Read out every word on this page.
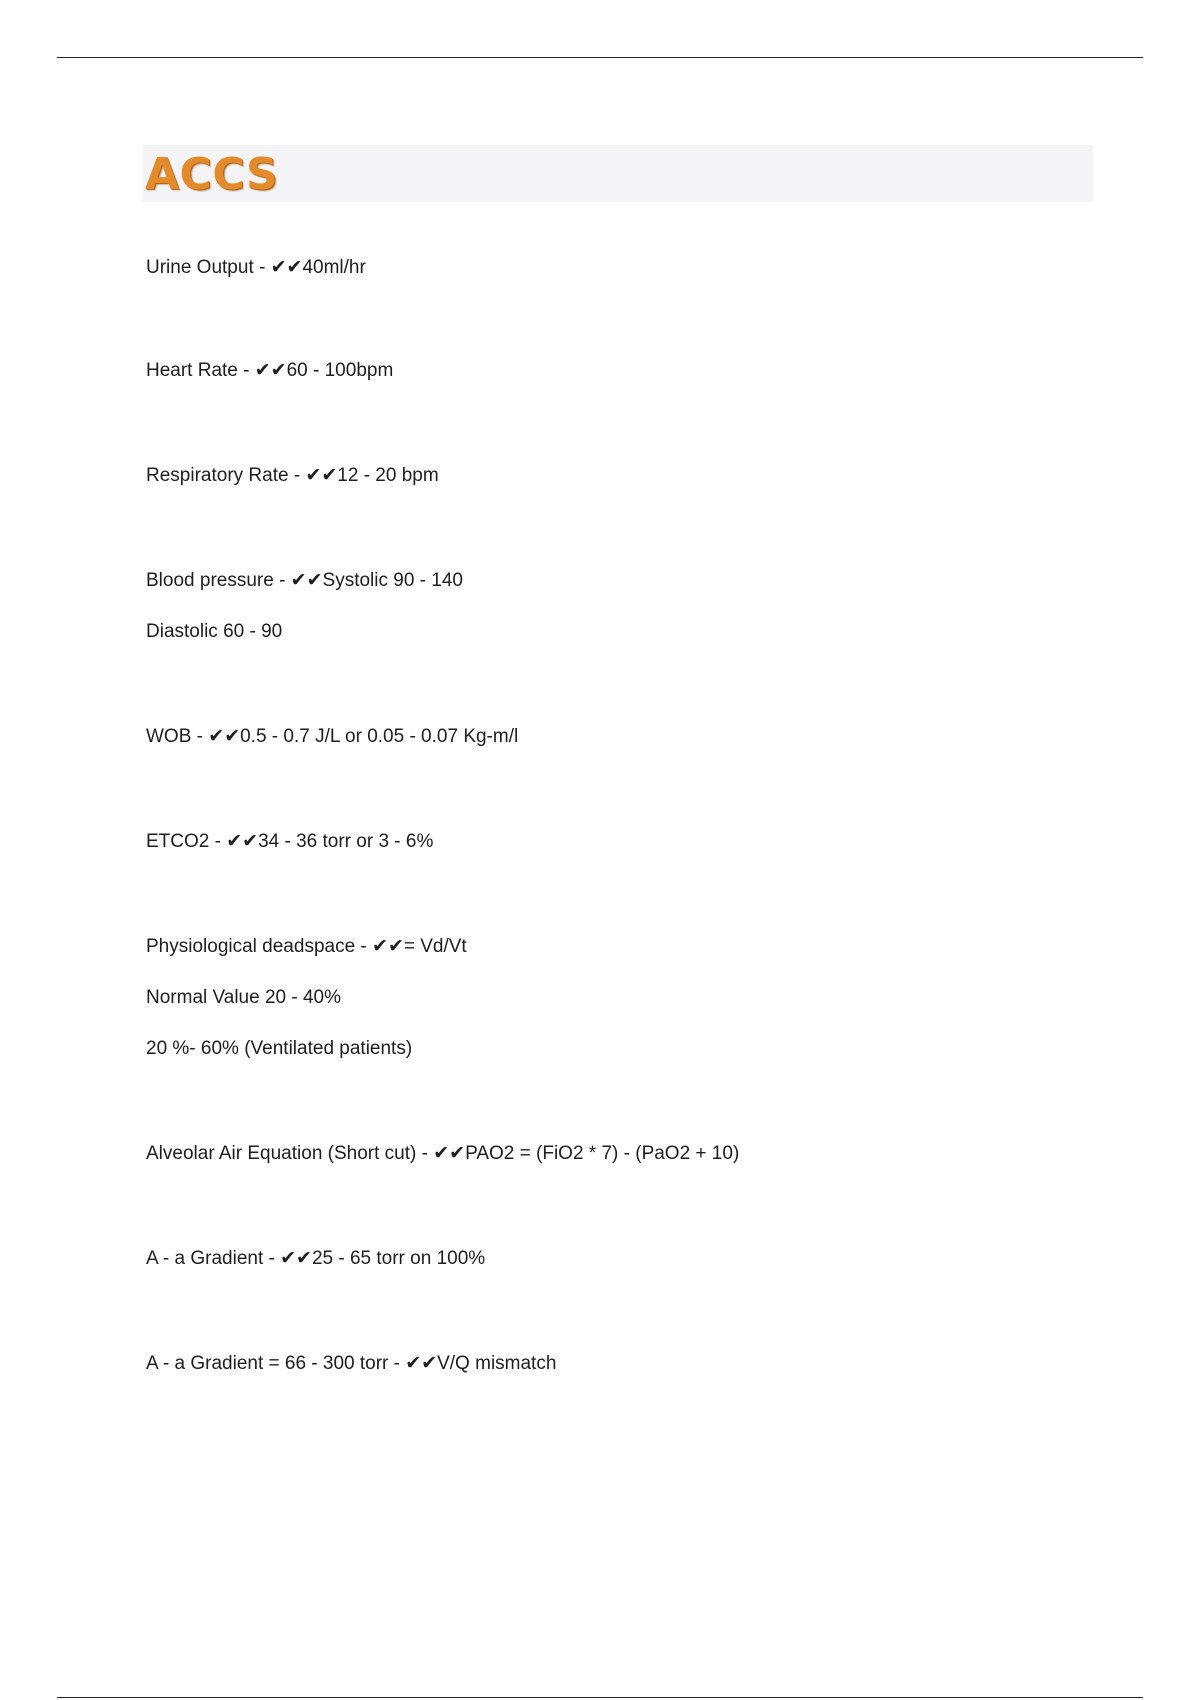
ACCS
Urine Output - ✔✔40ml/hr
Heart Rate - ✔✔60 - 100bpm
Respiratory Rate - ✔✔12 - 20 bpm
Blood pressure - ✔✔Systolic 90 - 140
Diastolic 60 - 90
WOB - ✔✔0.5 - 0.7 J/L or 0.05 - 0.07 Kg-m/l
ETCO2 - ✔✔34 - 36 torr or 3 - 6%
Physiological deadspace - ✔✔= Vd/Vt
Normal Value 20 - 40%
20 %- 60% (Ventilated patients)
Alveolar Air Equation (Short cut) - ✔✔PAO2 = (FiO2 * 7) - (PaO2 + 10)
A - a Gradient - ✔✔25 - 65 torr on 100%
A - a Gradient = 66 - 300 torr - ✔✔V/Q mismatch
